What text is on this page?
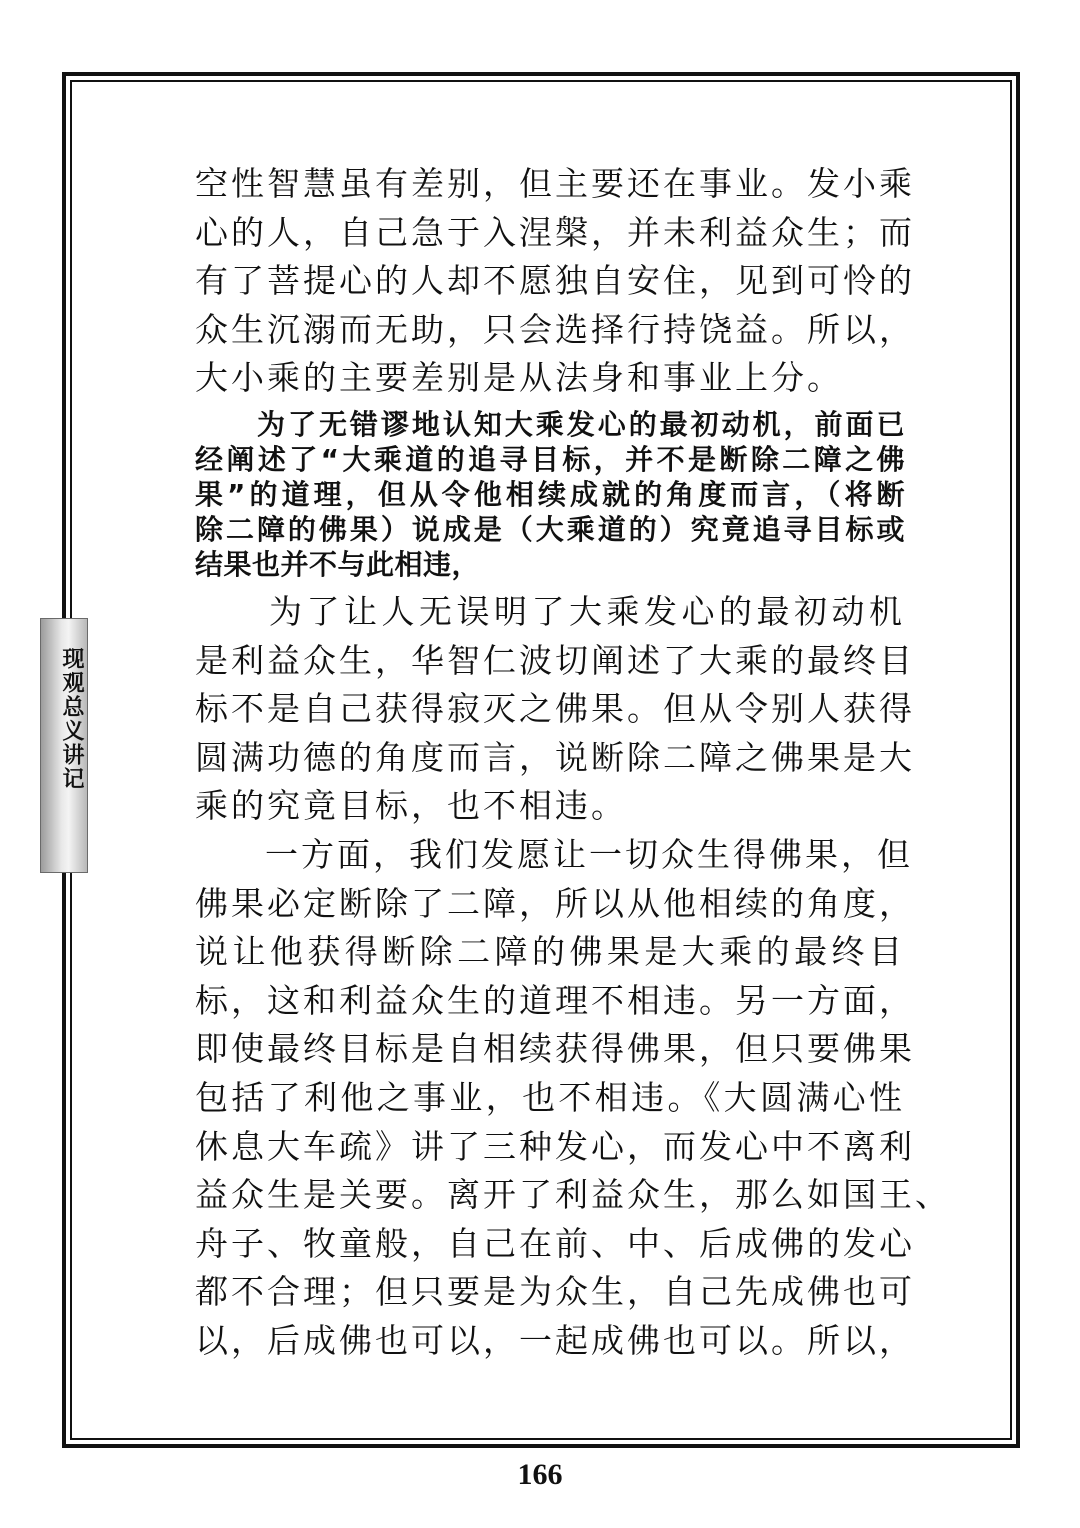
现观总义讲记
空性智慧虽有差别，但主要还在事业。发小乘
心的人，自己急于入涅槃，并未利益众生；而
有了菩提心的人却不愿独自安住，见到可怜的
众生沉溺而无助，只会选择行持饶益。所以，
大小乘的主要差别是从法身和事业上分。
为了无错谬地认知大乘发心的最初动机，前面已
经阐述了“大乘道的追寻目标，并不是断除二障之佛
果”的道理，但从令他相续成就的角度而言，（将断
除二障的佛果）说成是（大乘道的）究竟追寻目标或
结果也并不与此相违，
为了让人无误明了大乘发心的最初动机
是利益众生，华智仁波切阐述了大乘的最终目
标不是自己获得寂灭之佛果。但从令别人获得
圆满功德的角度而言，说断除二障之佛果是大
乘的究竟目标，也不相违。
一方面，我们发愿让一切众生得佛果，但
佛果必定断除了二障，所以从他相续的角度，
说让他获得断除二障的佛果是大乘的最终目
标，这和利益众生的道理不相违。另一方面，
即使最终目标是自相续获得佛果，但只要佛果
包括了利他之事业，也不相违。《大圆满心性
休息大车疏》讲了三种发心，而发心中不离利
益众生是关要。离开了利益众生，那么如国王、
舟子、牧童般，自己在前、中、后成佛的发心
都不合理；但只要是为众生，自己先成佛也可
以，后成佛也可以，一起成佛也可以。所以，
166
